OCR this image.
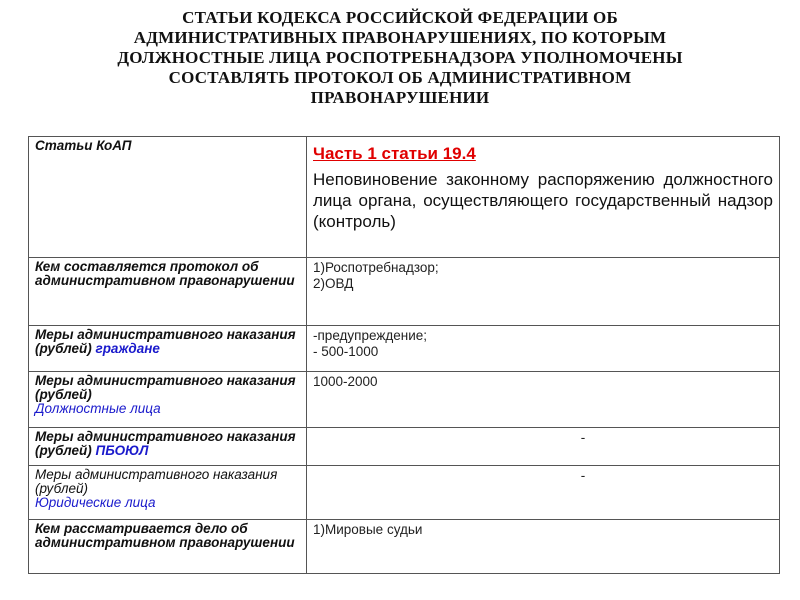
СТАТЬИ КОДЕКСА РОССИЙСКОЙ ФЕДЕРАЦИИ ОБ
АДМИНИСТРАТИВНЫХ ПРАВОНАРУШЕНИЯХ, ПО КОТОРЫМ
ДОЛЖНОСТНЫЕ ЛИЦА РОСПОТРЕБНАДЗОРА УПОЛНОМОЧЕНЫ
СОСТАВЛЯТЬ ПРОТОКОЛ ОБ АДМИНИСТРАТИВНОМ
ПРАВОНАРУШЕНИИ
Статьи КоАП	Часть 1 статьи 19.4
Неповиновение законному распоряжению должностного лица органа, осуществляющего государственный надзор (контроль)

Кем составляется протокол об административном правонарушении	1)Роспотребнадзор;
2)ОВД

Меры административного наказания (рублей) граждане	-предупреждение;
- 500-1000

Меры административного наказания (рублей)
Должностные лица	1000-2000

Меры административного наказания (рублей) ПБОЮЛ	-
Меры административного наказания (рублей)
Юридические лица	-
Кем рассматривается дело об административном правонарушении	1)Мировые судьи
